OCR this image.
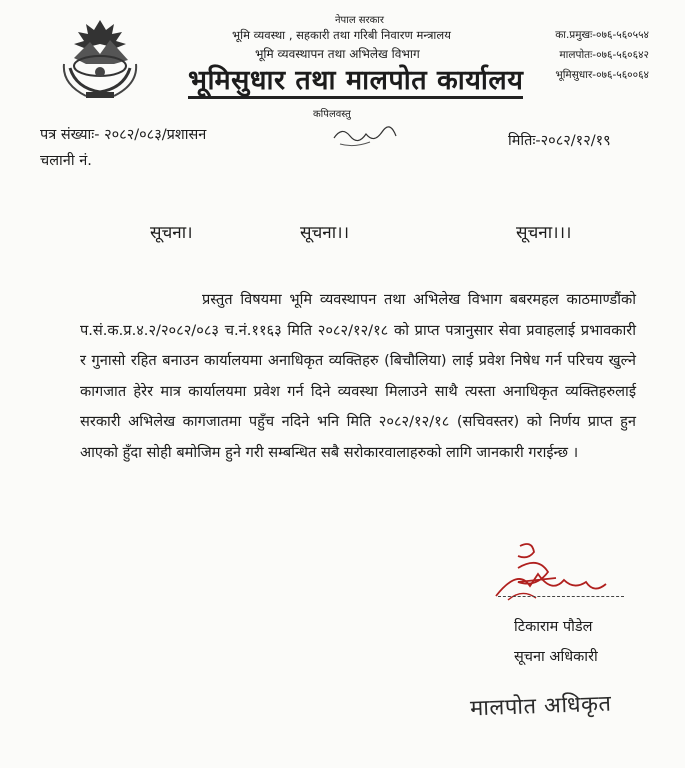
नेपाल सरकार
भूमि व्यवस्था , सहकारी तथा गरिबी निवारण मन्त्रालय
भूमि व्यवस्थापन तथा अभिलेख विभाग
भूमिसुधार तथा मालपोत कार्यालय
कपिलवस्तु
का.प्रमुखः-०७६-५६०५५४
मालपोतः-०७६-५६०६४२
भूमिसुधार-०७६-५६००६४
पत्र संख्याः- २०८२/०८३/प्रशासन
चलानी नं.
मितिः-२०८२/१२/१९
सूचना।	सूचना।।	सूचना।।।
प्रस्तुत विषयमा भूमि व्यवस्थापन तथा अभिलेख विभाग बबरमहल काठमाण्डौंको प.सं.क.प्र.४.२/२०८२/०८३ च.नं.११६३ मिति २०८२/१२/१८ को प्राप्त पत्रानुसार सेवा प्रवाहलाई प्रभावकारी र गुनासो रहित बनाउन कार्यालयमा अनाधिकृत व्यक्तिहरु (बिचौलिया) लाई प्रवेश निषेध गर्न परिचय खुल्ने कागजात हेरेर मात्र कार्यालयमा प्रवेश गर्न दिने व्यवस्था मिलाउने साथै त्यस्ता अनाधिकृत व्यक्तिहरुलाई सरकारी अभिलेख कागजातमा पहुँच नदिने भनि मिति २०८२/१२/१८ (सचिवस्तर) को निर्णय प्राप्त हुन आएको हुँदा सोही बमोजिम हुने गरी सम्बन्धित सबै सरोकारवालाहरुको लागि जानकारी गराईन्छ ।
टिकाराम पौडेल
सूचना अधिकारी
मालपोत अधिकृत
